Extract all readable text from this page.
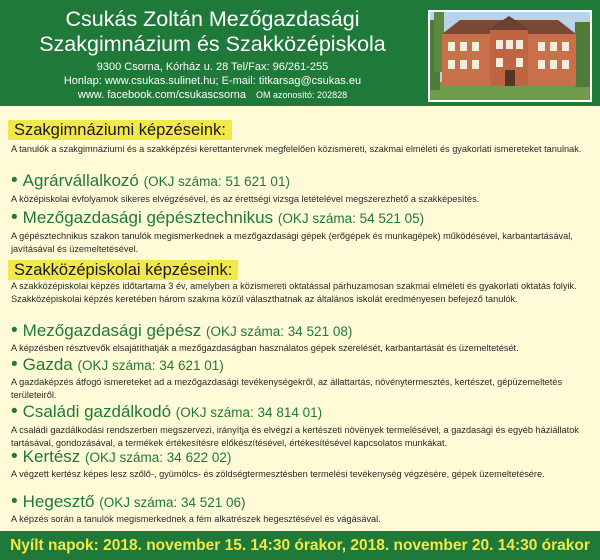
Csukás Zoltán Mezőgazdasági
Szakgimnázium és Szakközépiskola
9300 Csorna, Kórház u. 28 Tel/Fax: 96/261-255
Honlap: www.csukas.sulinet.hu; E-mail: titkarsag@csukas.eu
www. facebook.com/csukascsorna OM azonosító: 202828
Szakgimnáziumi képzéseink:
A tanulók a szakgimnáziumi és a szakképzési kerettantervnek megfelelően közismereti, szakmai elméleti és gyakorlati ismereteket tanulnak.
• Agrárvállalkozó (OKJ száma: 51 621 01)
A középiskolai évfolyamok sikeres elvégzésével, és az érettségi vizsga letételével megszerezhető a szakképesítés.
• Mezőgazdasági gépésztechnikus (OKJ száma: 54 521 05)
A gépésztechnikus szakon tanulók megismerkednek a mezőgazdasági gépek (erőgépek és munkagépek) működésével, karbantartásával, javításával és üzemeltetésével.
Szakközépiskolai képzéseink:
A szakközépiskolai képzés időtartama 3 év, amelyben a közismereti oktatással párhuzamosan szakmai elméleti és gyakorlati oktatás folyik. Szakközépiskolai képzés keretében három szakma közül választhatnak az általános iskolát eredményesen befejező tanulók.
• Mezőgazdasági gépész (OKJ száma: 34 521 08)
A képzésben résztvevők elsajátíthatják a mezőgazdaságban használatos gépek szerelését, karbantartását és üzemeltetését.
• Gazda (OKJ száma: 34 621 01)
A gazdaképzés átfogó ismereteket ad a mezőgazdasági tevékenységekről, az állattartás, növénytermesztés, kertészet, gépüzemeltetés területeiről.
• Családi gazdálkodó (OKJ száma: 34 814 01)
A családi gazdálkodási rendszerben megszervezi, irányítja és elvégzi a kertészeti növények termelésével, a gazdasági és egyéb háziállatok tartásával, gondozásával, a termékek értékesítésre előkészítésével, értékesítésével kapcsolatos munkákat.
• Kertész (OKJ száma: 34 622 02)
A végzett kertész képes lesz szőlő-, gyümölcs- és zöldségtermesztésben termelési tevékenység végzésére, gépek üzemeltetésére.
• Hegesztő (OKJ száma: 34 521 06)
A képzés során a tanulók megismerkednek a fém alkatrészek hegesztésével és vágásával.
Nyílt napok: 2018. november 15. 14:30 órakor, 2018. november 20. 14:30 órakor
